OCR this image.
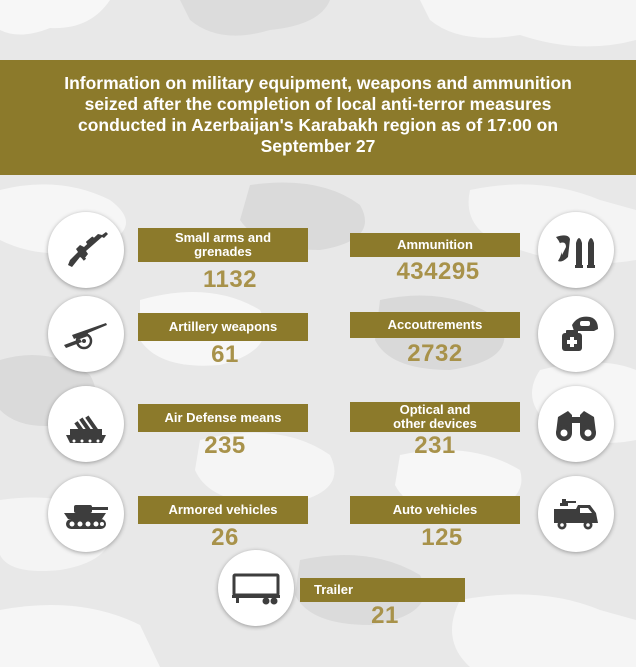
Information on military equipment, weapons and ammunition seized after the completion of local anti-terror measures conducted in Azerbaijan's Karabakh region as of 17:00 on September 27
Small arms and
grenades
1132
Ammunition
434295
Artillery weapons
61
Accoutrements
2732
Air Defense means
235
Optical and
other devices
231
Armored vehicles
26
Auto vehicles
125
Trailer
21
